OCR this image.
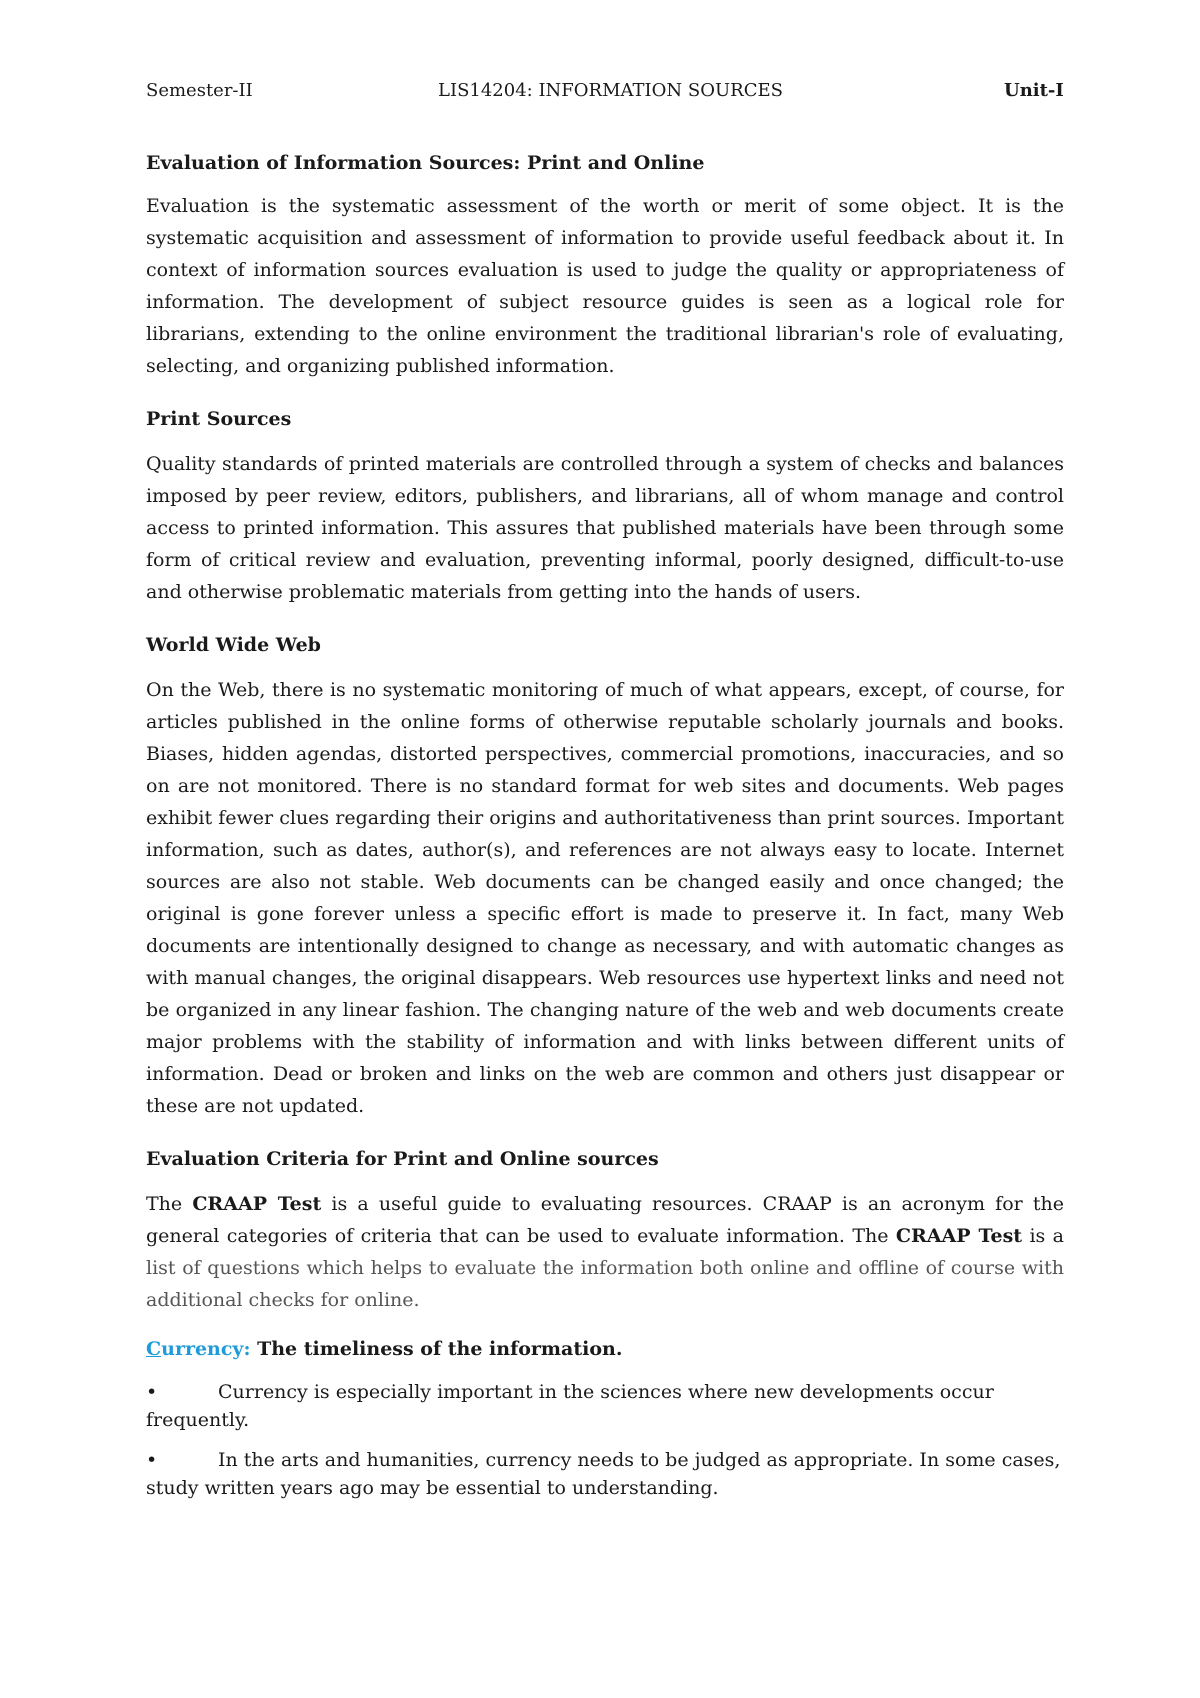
Semester-II	LIS14204: INFORMATION SOURCES	Unit-I
Evaluation of Information Sources: Print and Online

Evaluation is the systematic assessment of the worth or merit of some object. It is the systematic acquisition and assessment of information to provide useful feedback about it. In context of information sources evaluation is used to judge the quality or appropriateness of information. The development of subject resource guides is seen as a logical role for librarians, extending to the online environment the traditional librarian's role of evaluating, selecting, and organizing published information.

Print Sources

Quality standards of printed materials are controlled through a system of checks and balances imposed by peer review, editors, publishers, and librarians, all of whom manage and control access to printed information. This assures that published materials have been through some form of critical review and evaluation, preventing informal, poorly designed, difficult-to-use and otherwise problematic materials from getting into the hands of users.

World Wide Web

On the Web, there is no systematic monitoring of much of what appears, except, of course, for articles published in the online forms of otherwise reputable scholarly journals and books. Biases, hidden agendas, distorted perspectives, commercial promotions, inaccuracies, and so on are not monitored. There is no standard format for web sites and documents. Web pages exhibit fewer clues regarding their origins and authoritativeness than print sources. Important information, such as dates, author(s), and references are not always easy to locate. Internet sources are also not stable. Web documents can be changed easily and once changed; the original is gone forever unless a specific effort is made to preserve it. In fact, many Web documents are intentionally designed to change as necessary, and with automatic changes as with manual changes, the original disappears. Web resources use hypertext links and need not be organized in any linear fashion. The changing nature of the web and web documents create major problems with the stability of information and with links between different units of information. Dead or broken and links on the web are common and others just disappear or these are not updated.

Evaluation Criteria for Print and Online sources

The CRAAP Test is a useful guide to evaluating resources. CRAAP is an acronym for the general categories of criteria that can be used to evaluate information. The CRAAP Test is a list of questions which helps to evaluate the information both online and offline of course with additional checks for online.

Currency: The timeliness of the information.
•	Currency is especially important in the sciences where new developments occur frequently.
•	In the arts and humanities, currency needs to be judged as appropriate. In some cases, study written years ago may be essential to understanding.
